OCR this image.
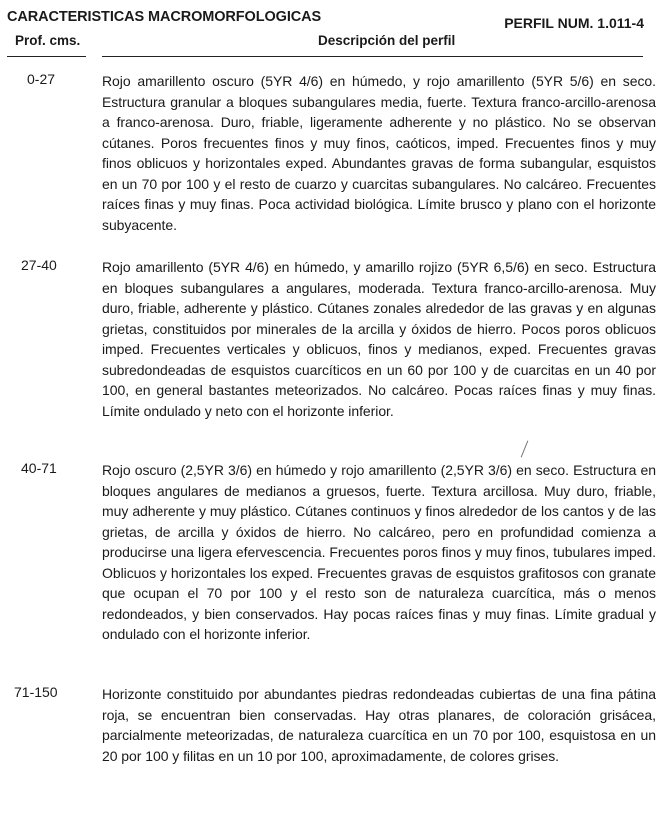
CARACTERISTICAS MACROMORFOLOGICAS	PERFIL NUM. 1.011-4
Prof. cms.	Descripción del perfil
0-27	Rojo amarillento oscuro (5YR 4/6) en húmedo, y rojo amarillento (5YR 5/6) en seco. Estructura granular a bloques subangulares media, fuerte. Textura franco-arcillo-arenosa a franco-arenosa. Duro, friable, ligeramente adherente y no plástico. No se observan cútanes. Poros frecuentes finos y muy finos, caóticos, imped. Frecuentes finos y muy finos oblicuos y horizontales exped. Abundantes gravas de forma subangular, esquistos en un 70 por 100 y el resto de cuarzo y cuarcitas subangulares. No calcáreo. Frecuentes raíces finas y muy finas. Poca actividad biológica. Límite brusco y plano con el horizonte subyacente.
27-40	Rojo amarillento (5YR 4/6) en húmedo, y amarillo rojizo (5YR 6,5/6) en seco. Estructura en bloques subangulares a angulares, moderada. Textura franco-arcillo-arenosa. Muy duro, friable, adherente y plástico. Cútanes zonales alrededor de las gravas y en algunas grietas, constituidos por minerales de la arcilla y óxidos de hierro. Pocos poros oblicuos imped. Frecuentes verticales y oblicuos, finos y medianos, exped. Frecuentes gravas subredondeadas de esquistos cuarcíticos en un 60 por 100 y de cuarcitas en un 40 por 100, en general bastantes meteorizados. No calcáreo. Pocas raíces finas y muy finas. Límite ondulado y neto con el horizonte inferior.
40-71	Rojo oscuro (2,5YR 3/6) en húmedo y rojo amarillento (2,5YR 3/6) en seco. Estructura en bloques angulares de medianos a gruesos, fuerte. Textura arcillosa. Muy duro, friable, muy adherente y muy plástico. Cútanes continuos y finos alrededor de los cantos y de las grietas, de arcilla y óxidos de hierro. No calcáreo, pero en profundidad comienza a producirse una ligera efervescencia. Frecuentes poros finos y muy finos, tubulares imped. Oblicuos y horizontales los exped. Frecuentes gravas de esquistos grafitosos con granate que ocupan el 70 por 100 y el resto son de naturaleza cuarcítica, más o menos redondeados, y bien conservados. Hay pocas raíces finas y muy finas. Límite gradual y ondulado con el horizonte inferior.
71-150	Horizonte constituido por abundantes piedras redondeadas cubiertas de una fina pátina roja, se encuentran bien conservadas. Hay otras planares, de coloración grisácea, parcialmente meteorizadas, de naturaleza cuarcítica en un 70 por 100, esquistosa en un 20 por 100 y filitas en un 10 por 100, aproximadamente, de colores grises.
